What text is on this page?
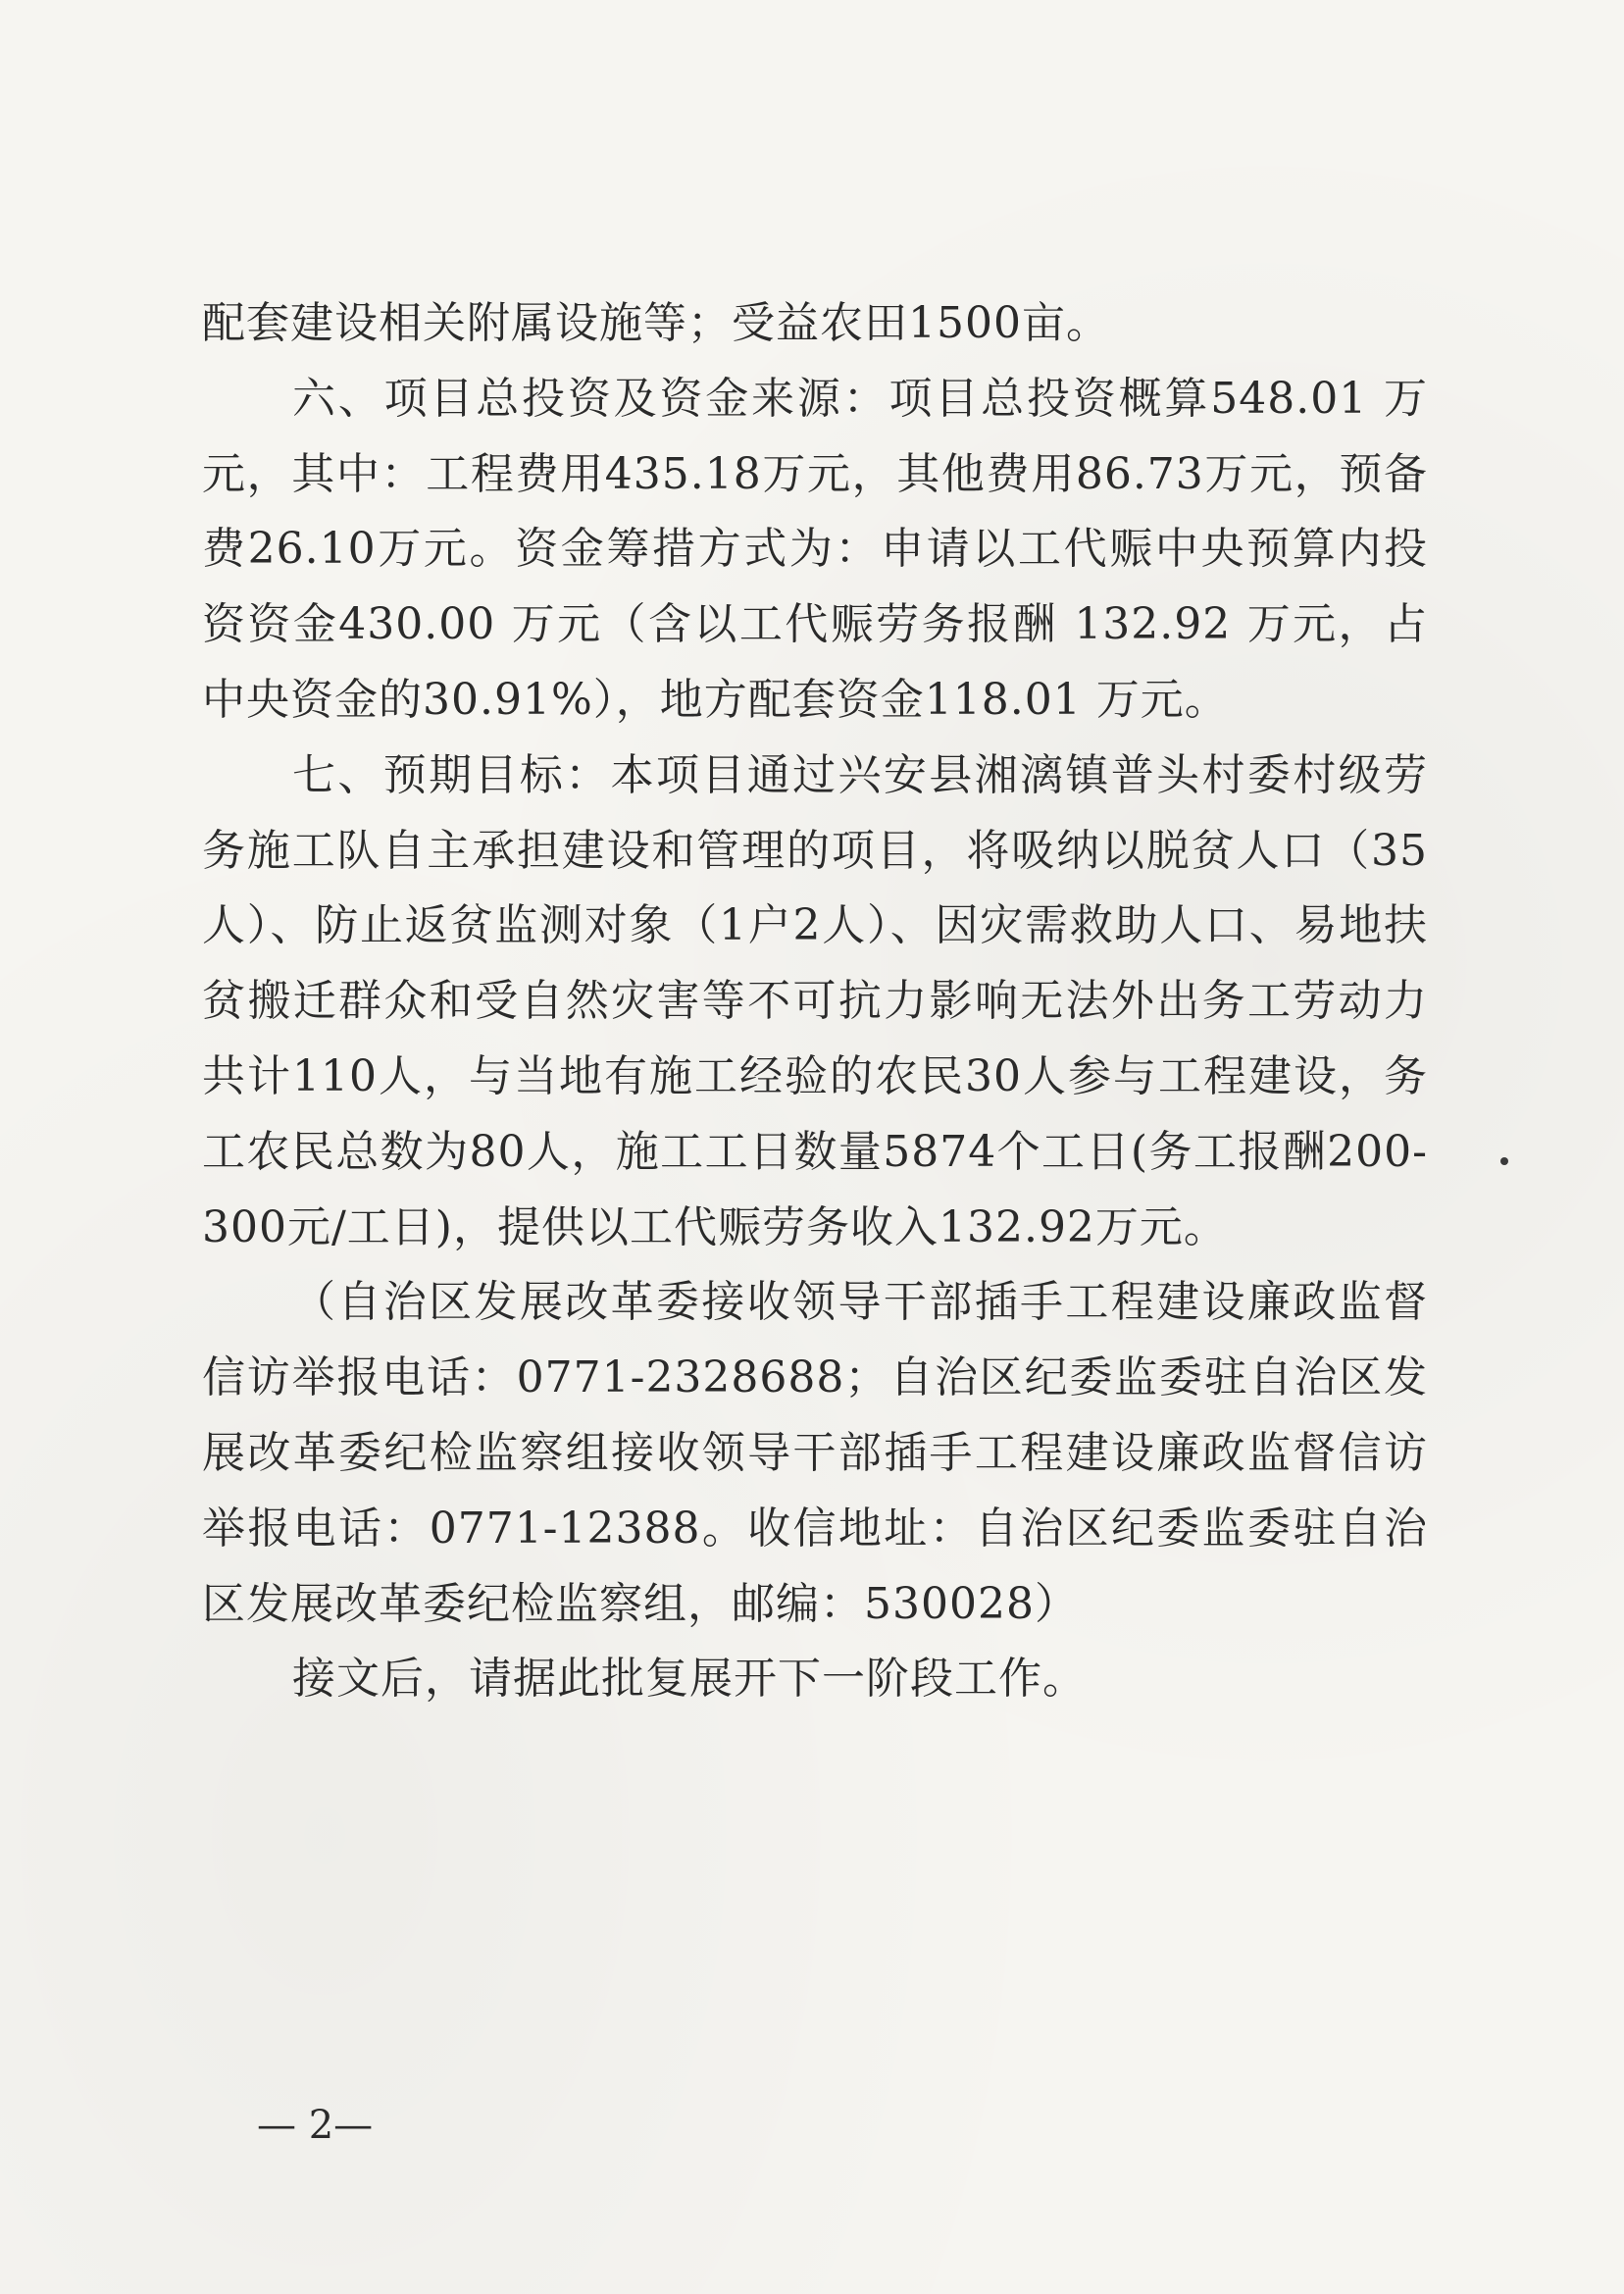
配套建设相关附属设施等；受益农田1500亩。

六、项目总投资及资金来源：项目总投资概算548.01 万元，其中：工程费用435.18万元，其他费用86.73万元，预备费26.10万元。资金筹措方式为：申请以工代赈中央预算内投资资金430.00 万元（含以工代赈劳务报酬 132.92 万元，占中央资金的30.91%），地方配套资金118.01 万元。

七、预期目标：本项目通过兴安县湘漓镇普头村委村级劳务施工队自主承担建设和管理的项目，将吸纳以脱贫人口（35人）、防止返贫监测对象（1户2人）、因灾需救助人口、易地扶贫搬迁群众和受自然灾害等不可抗力影响无法外出务工劳动力共计110人，与当地有施工经验的农民30人参与工程建设，务工农民总数为80人，施工工日数量5874个工日(务工报酬200-300元/工日)，提供以工代赈劳务收入132.92万元。

（自治区发展改革委接收领导干部插手工程建设廉政监督信访举报电话：0771-2328688；自治区纪委监委驻自治区发展改革委纪检监察组接收领导干部插手工程建设廉政监督信访举报电话：0771-12388。收信地址：自治区纪委监委驻自治区发展改革委纪检监察组，邮编：530028）

接文后，请据此批复展开下一阶段工作。

— 2—
